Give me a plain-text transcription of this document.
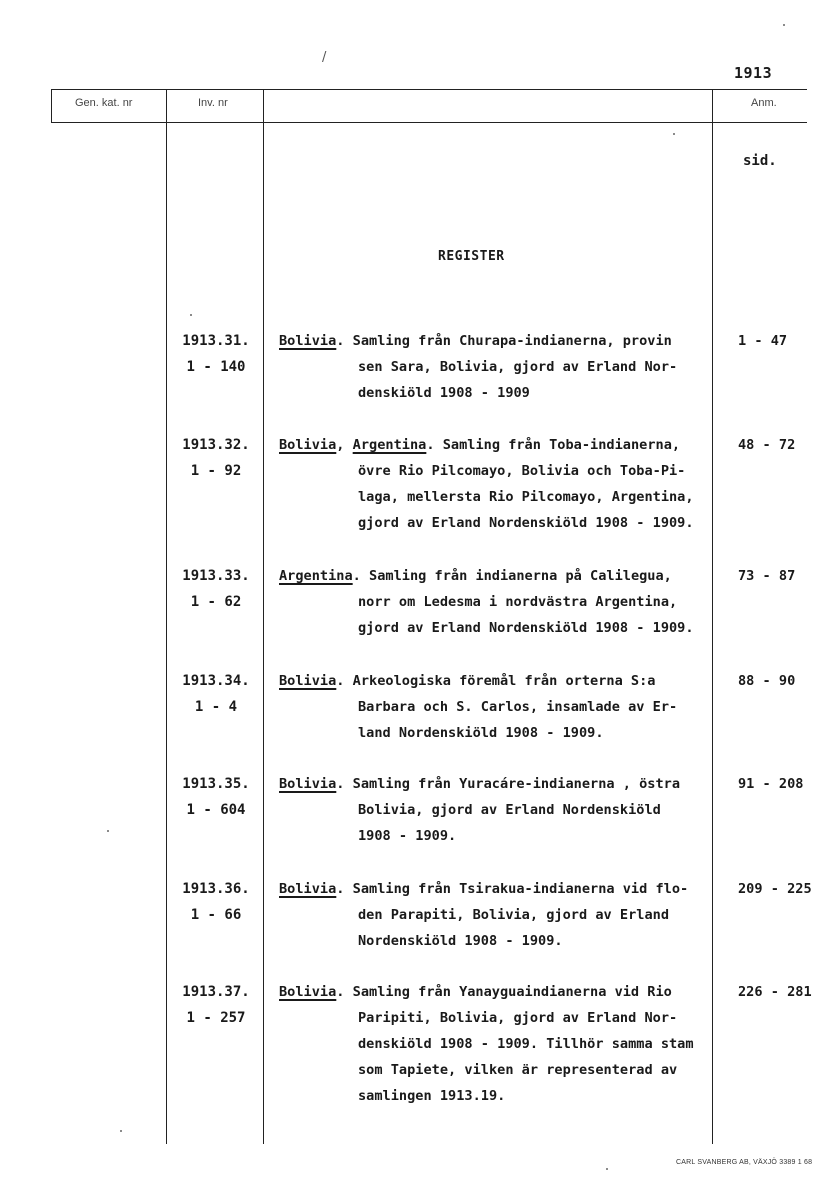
/
1913
Gen. kat. nr	Inv. nr	Anm.
sid.
REGISTER
1913.31.
1 - 140
Bolivia. Samling från Churapa-indianerna, provin
sen Sara, Bolivia, gjord av Erland Nor-
denskiöld 1908 - 1909
1 - 47
1913.32.
1 - 92
Bolivia, Argentina. Samling från Toba-indianerna,
övre Rio Pilcomayo, Bolivia och Toba-Pi-
laga, mellersta Rio Pilcomayo, Argentina,
gjord av Erland Nordenskiöld 1908 - 1909.
48 - 72
1913.33.
1 - 62
Argentina. Samling från indianerna på Calilegua,
norr om Ledesma i nordvästra Argentina,
gjord av Erland Nordenskiöld 1908 - 1909.
73 - 87
1913.34.
1 - 4
Bolivia. Arkeologiska föremål från orterna S:a
Barbara och S. Carlos, insamlade av Er-
land Nordenskiöld 1908 - 1909.
88 - 90
1913.35.
1 - 604
Bolivia. Samling från Yuracáre-indianerna , östra
Bolivia, gjord av Erland Nordenskiöld
1908 - 1909.
91 - 208
1913.36.
1 - 66
Bolivia. Samling från Tsirakua-indianerna vid flo-
den Parapiti, Bolivia, gjord av Erland
Nordenskiöld 1908 - 1909.
209 - 225
1913.37.
1 - 257
Bolivia. Samling från Yanayguaindianerna vid Rio
Paripiti, Bolivia, gjord av Erland Nor-
denskiöld 1908 - 1909. Tillhör samma stam
som Tapiete, vilken är representerad av
samlingen 1913.19.
226 - 281
CARL SVANBERG AB, VÄXJÖ 3389 1 68
